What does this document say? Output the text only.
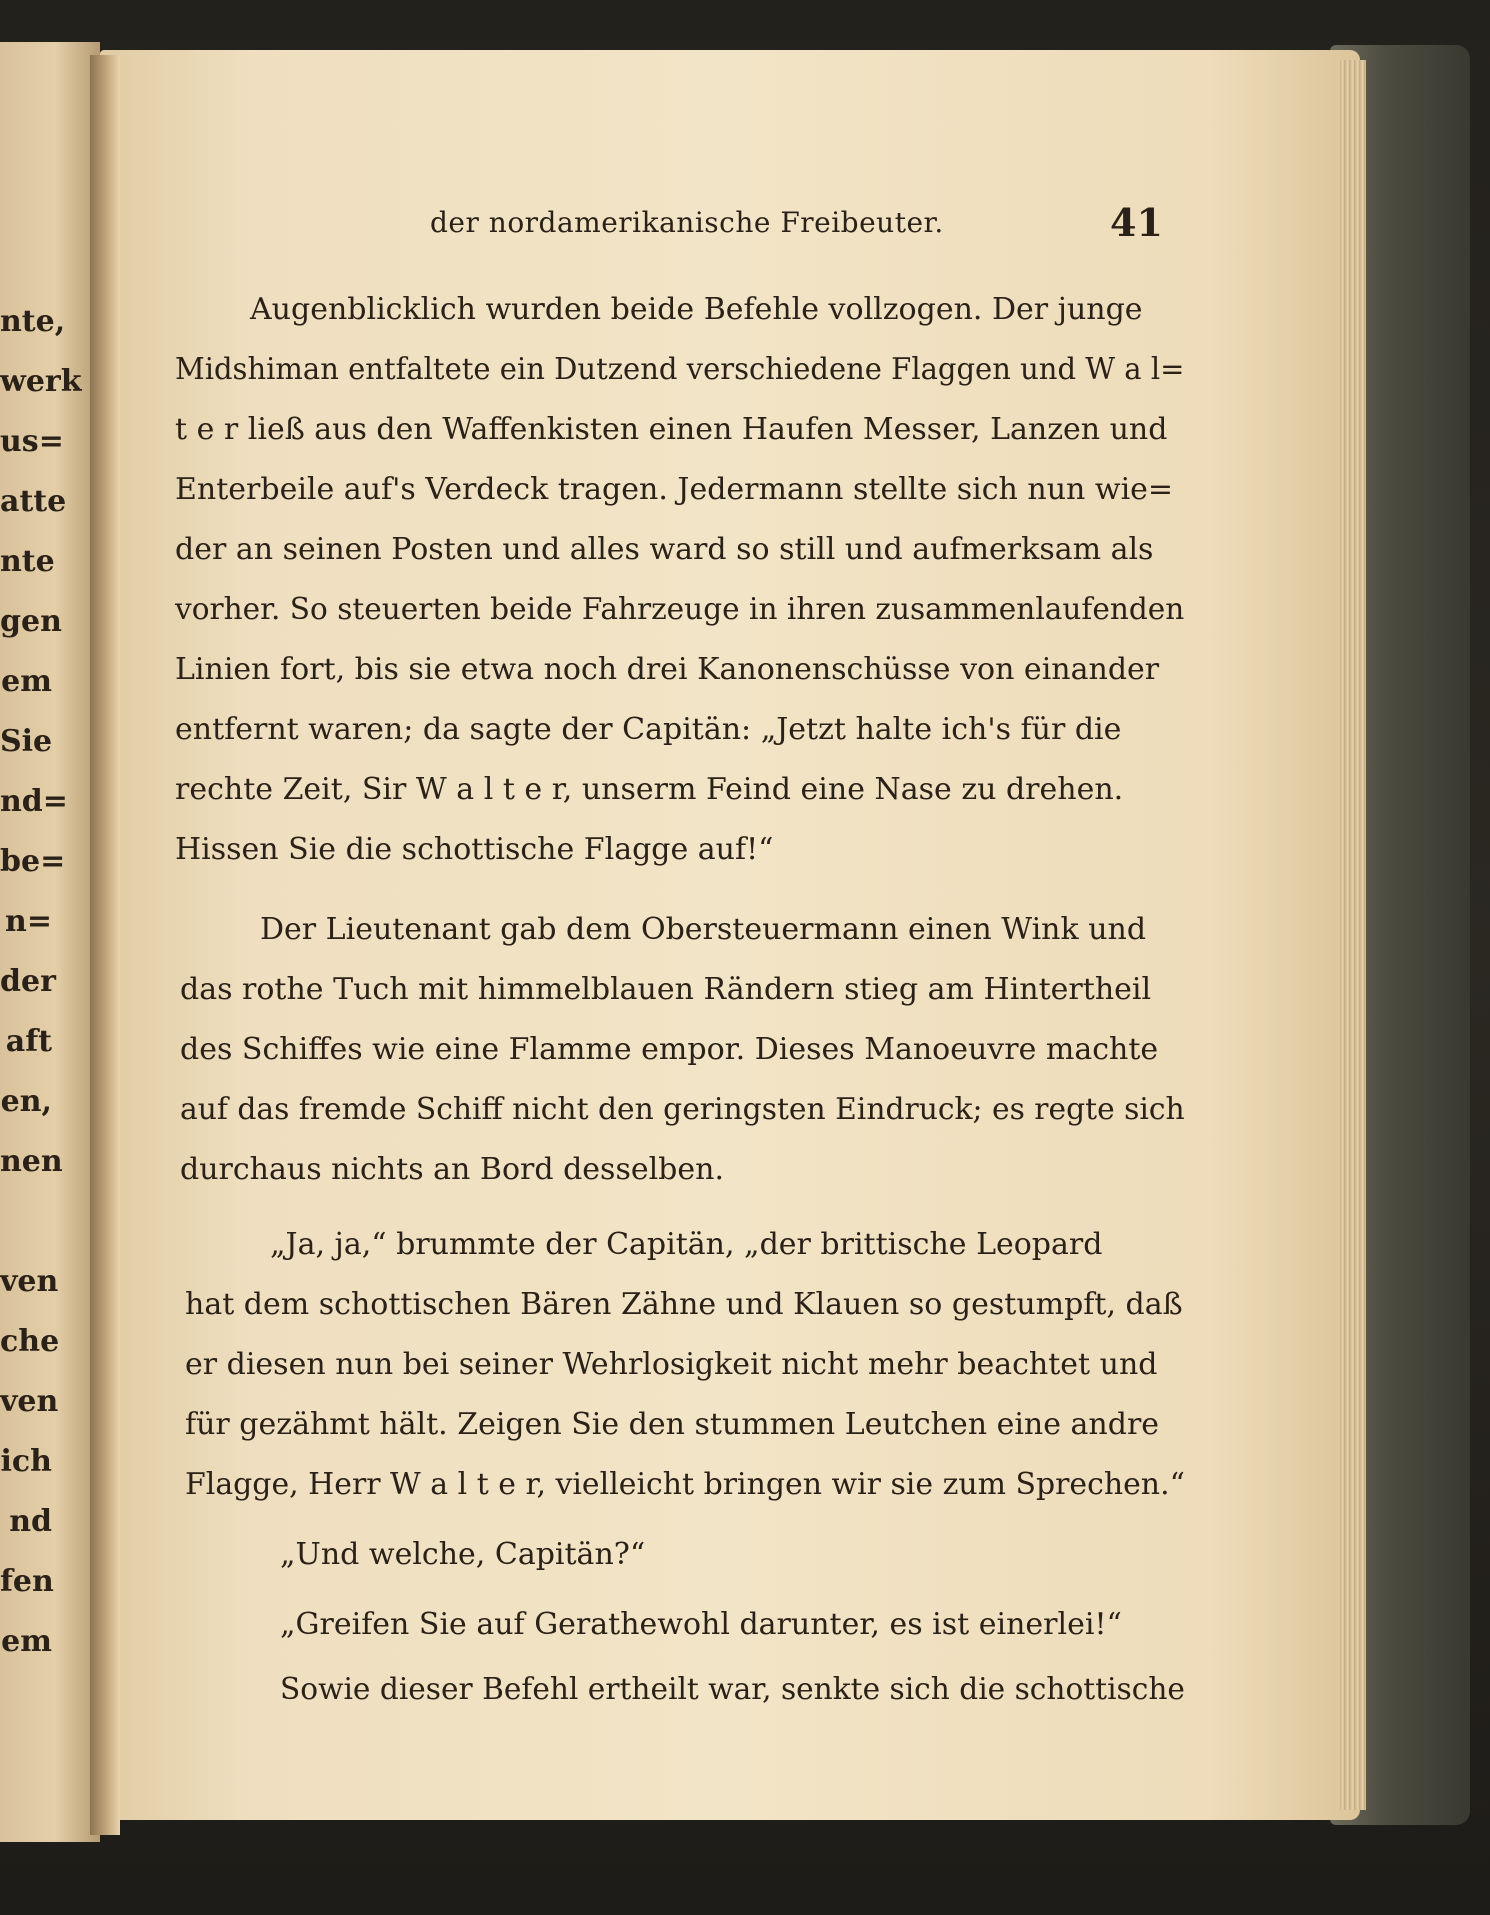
nte,
werk
us=
atte
nte
gen
em
Sie
nd=
be=
n=
der
aft
en,
nen
ven
che
ven
ich
nd
fen
em
der nordamerikanische Freibeuter.	41
Augenblicklich wurden beide Befehle vollzogen. Der junge
Midshiman entfaltete ein Dutzend verschiedene Flaggen und W a l=
t e r ließ aus den Waffenkisten einen Haufen Messer, Lanzen und
Enterbeile auf's Verdeck tragen. Jedermann stellte sich nun wie=
der an seinen Posten und alles ward so still und aufmerksam als
vorher. So steuerten beide Fahrzeuge in ihren zusammenlaufenden
Linien fort, bis sie etwa noch drei Kanonenschüsse von einander
entfernt waren; da sagte der Capitän: „Jetzt halte ich's für die
rechte Zeit, Sir W a l t e r, unserm Feind eine Nase zu drehen.
Hissen Sie die schottische Flagge auf!“
Der Lieutenant gab dem Obersteuermann einen Wink und
das rothe Tuch mit himmelblauen Rändern stieg am Hintertheil
des Schiffes wie eine Flamme empor. Dieses Manoeuvre machte
auf das fremde Schiff nicht den geringsten Eindruck; es regte sich
durchaus nichts an Bord desselben.
„Ja, ja,“ brummte der Capitän, „der brittische Leopard
hat dem schottischen Bären Zähne und Klauen so gestumpft, daß
er diesen nun bei seiner Wehrlosigkeit nicht mehr beachtet und
für gezähmt hält. Zeigen Sie den stummen Leutchen eine andre
Flagge, Herr W a l t e r, vielleicht bringen wir sie zum Sprechen.“
„Und welche, Capitän?“
„Greifen Sie auf Gerathewohl darunter, es ist einerlei!“
Sowie dieser Befehl ertheilt war, senkte sich die schottische
